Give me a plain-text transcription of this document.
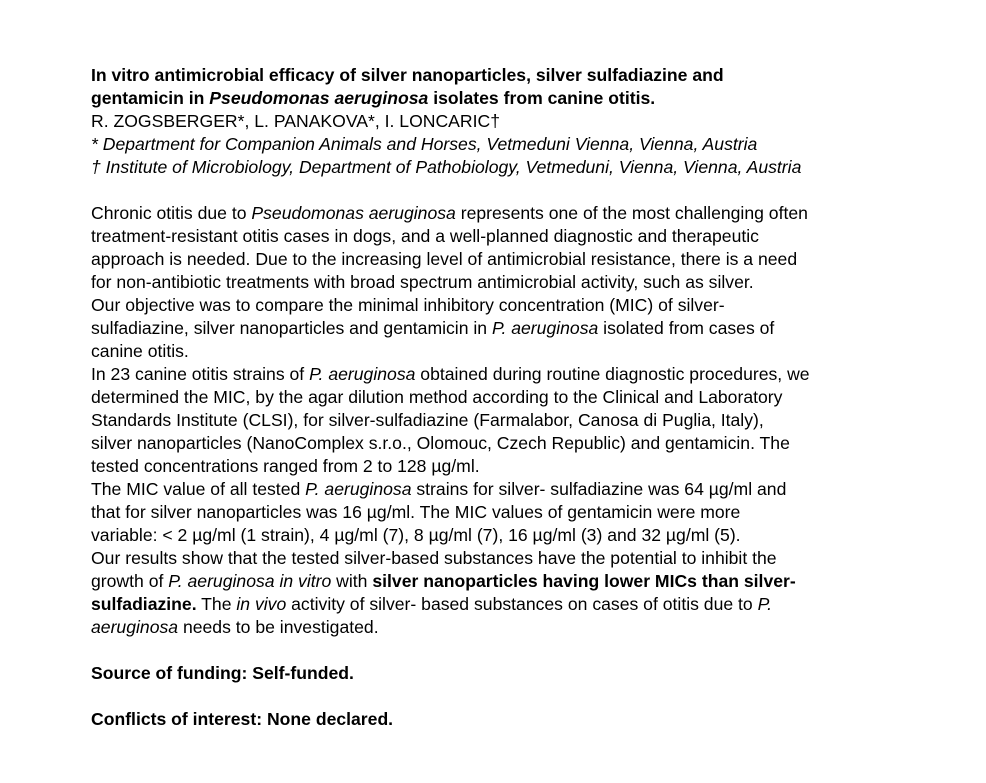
In vitro antimicrobial efficacy of silver nanoparticles, silver sulfadiazine and
gentamicin in Pseudomonas aeruginosa isolates from canine otitis.
R. ZOGSBERGER*, L. PANAKOVA*, I. LONCARIC†
* Department for Companion Animals and Horses, Vetmeduni Vienna, Vienna, Austria
† Institute of Microbiology, Department of Pathobiology, Vetmeduni, Vienna, Vienna, Austria
Chronic otitis due to Pseudomonas aeruginosa represents one of the most challenging often
treatment-resistant otitis cases in dogs, and a well-planned diagnostic and therapeutic
approach is needed. Due to the increasing level of antimicrobial resistance, there is a need
for non-antibiotic treatments with broad spectrum antimicrobial activity, such as silver.
Our objective was to compare the minimal inhibitory concentration (MIC) of silver-
sulfadiazine, silver nanoparticles and gentamicin in P. aeruginosa isolated from cases of
canine otitis.
In 23 canine otitis strains of P. aeruginosa obtained during routine diagnostic procedures, we
determined the MIC, by the agar dilution method according to the Clinical and Laboratory
Standards Institute (CLSI), for silver-sulfadiazine (Farmalabor, Canosa di Puglia, Italy),
silver nanoparticles (NanoComplex s.r.o., Olomouc, Czech Republic) and gentamicin. The
tested concentrations ranged from 2 to 128 µg/ml.
The MIC value of all tested P. aeruginosa strains for silver- sulfadiazine was 64 µg/ml and
that for silver nanoparticles was 16 µg/ml. The MIC values of gentamicin were more
variable: < 2 µg/ml (1 strain), 4 µg/ml (7), 8 µg/ml (7), 16 µg/ml (3) and 32 µg/ml (5).
Our results show that the tested silver-based substances have the potential to inhibit the
growth of P. aeruginosa in vitro with silver nanoparticles having lower MICs than silver-
sulfadiazine. The in vivo activity of silver- based substances on cases of otitis due to P.
aeruginosa needs to be investigated.
Source of funding: Self-funded.
Conflicts of interest: None declared.
